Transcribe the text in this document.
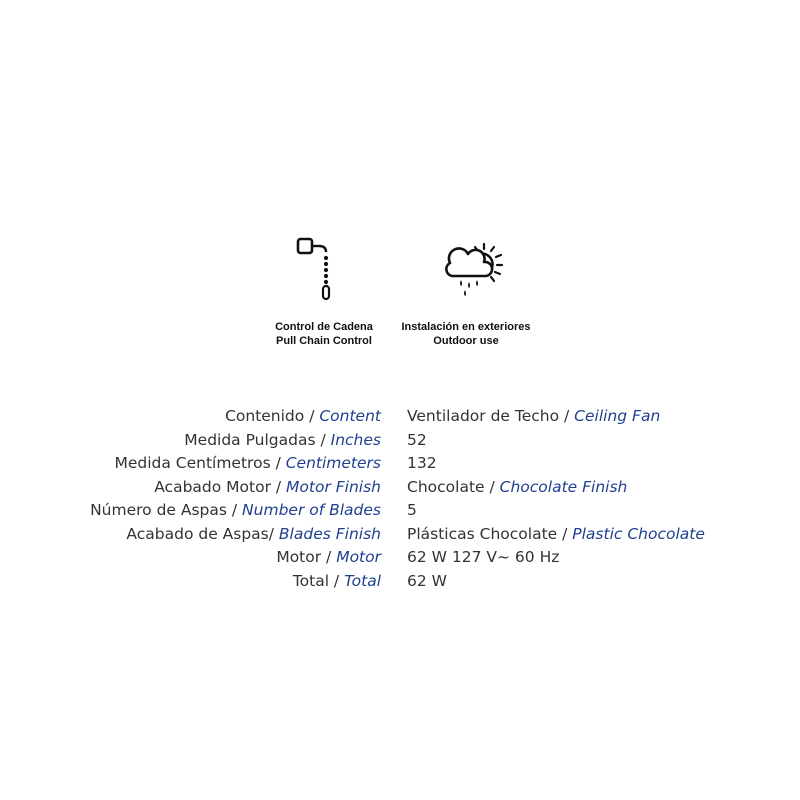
Control de Cadena
Pull Chain Control
Instalación en exteriores
Outdoor use
Contenido / Content Ventilador de Techo / Ceiling Fan
Medida Pulgadas / Inches 52
Medida Centímetros / Centimeters 132
Acabado Motor / Motor Finish Chocolate / Chocolate Finish
Número de Aspas / Number of Blades 5
Acabado de Aspas/ Blades Finish Plásticas Chocolate / Plastic Chocolate
Motor / Motor 62 W 127 V~ 60 Hz
Total / Total 62 W
